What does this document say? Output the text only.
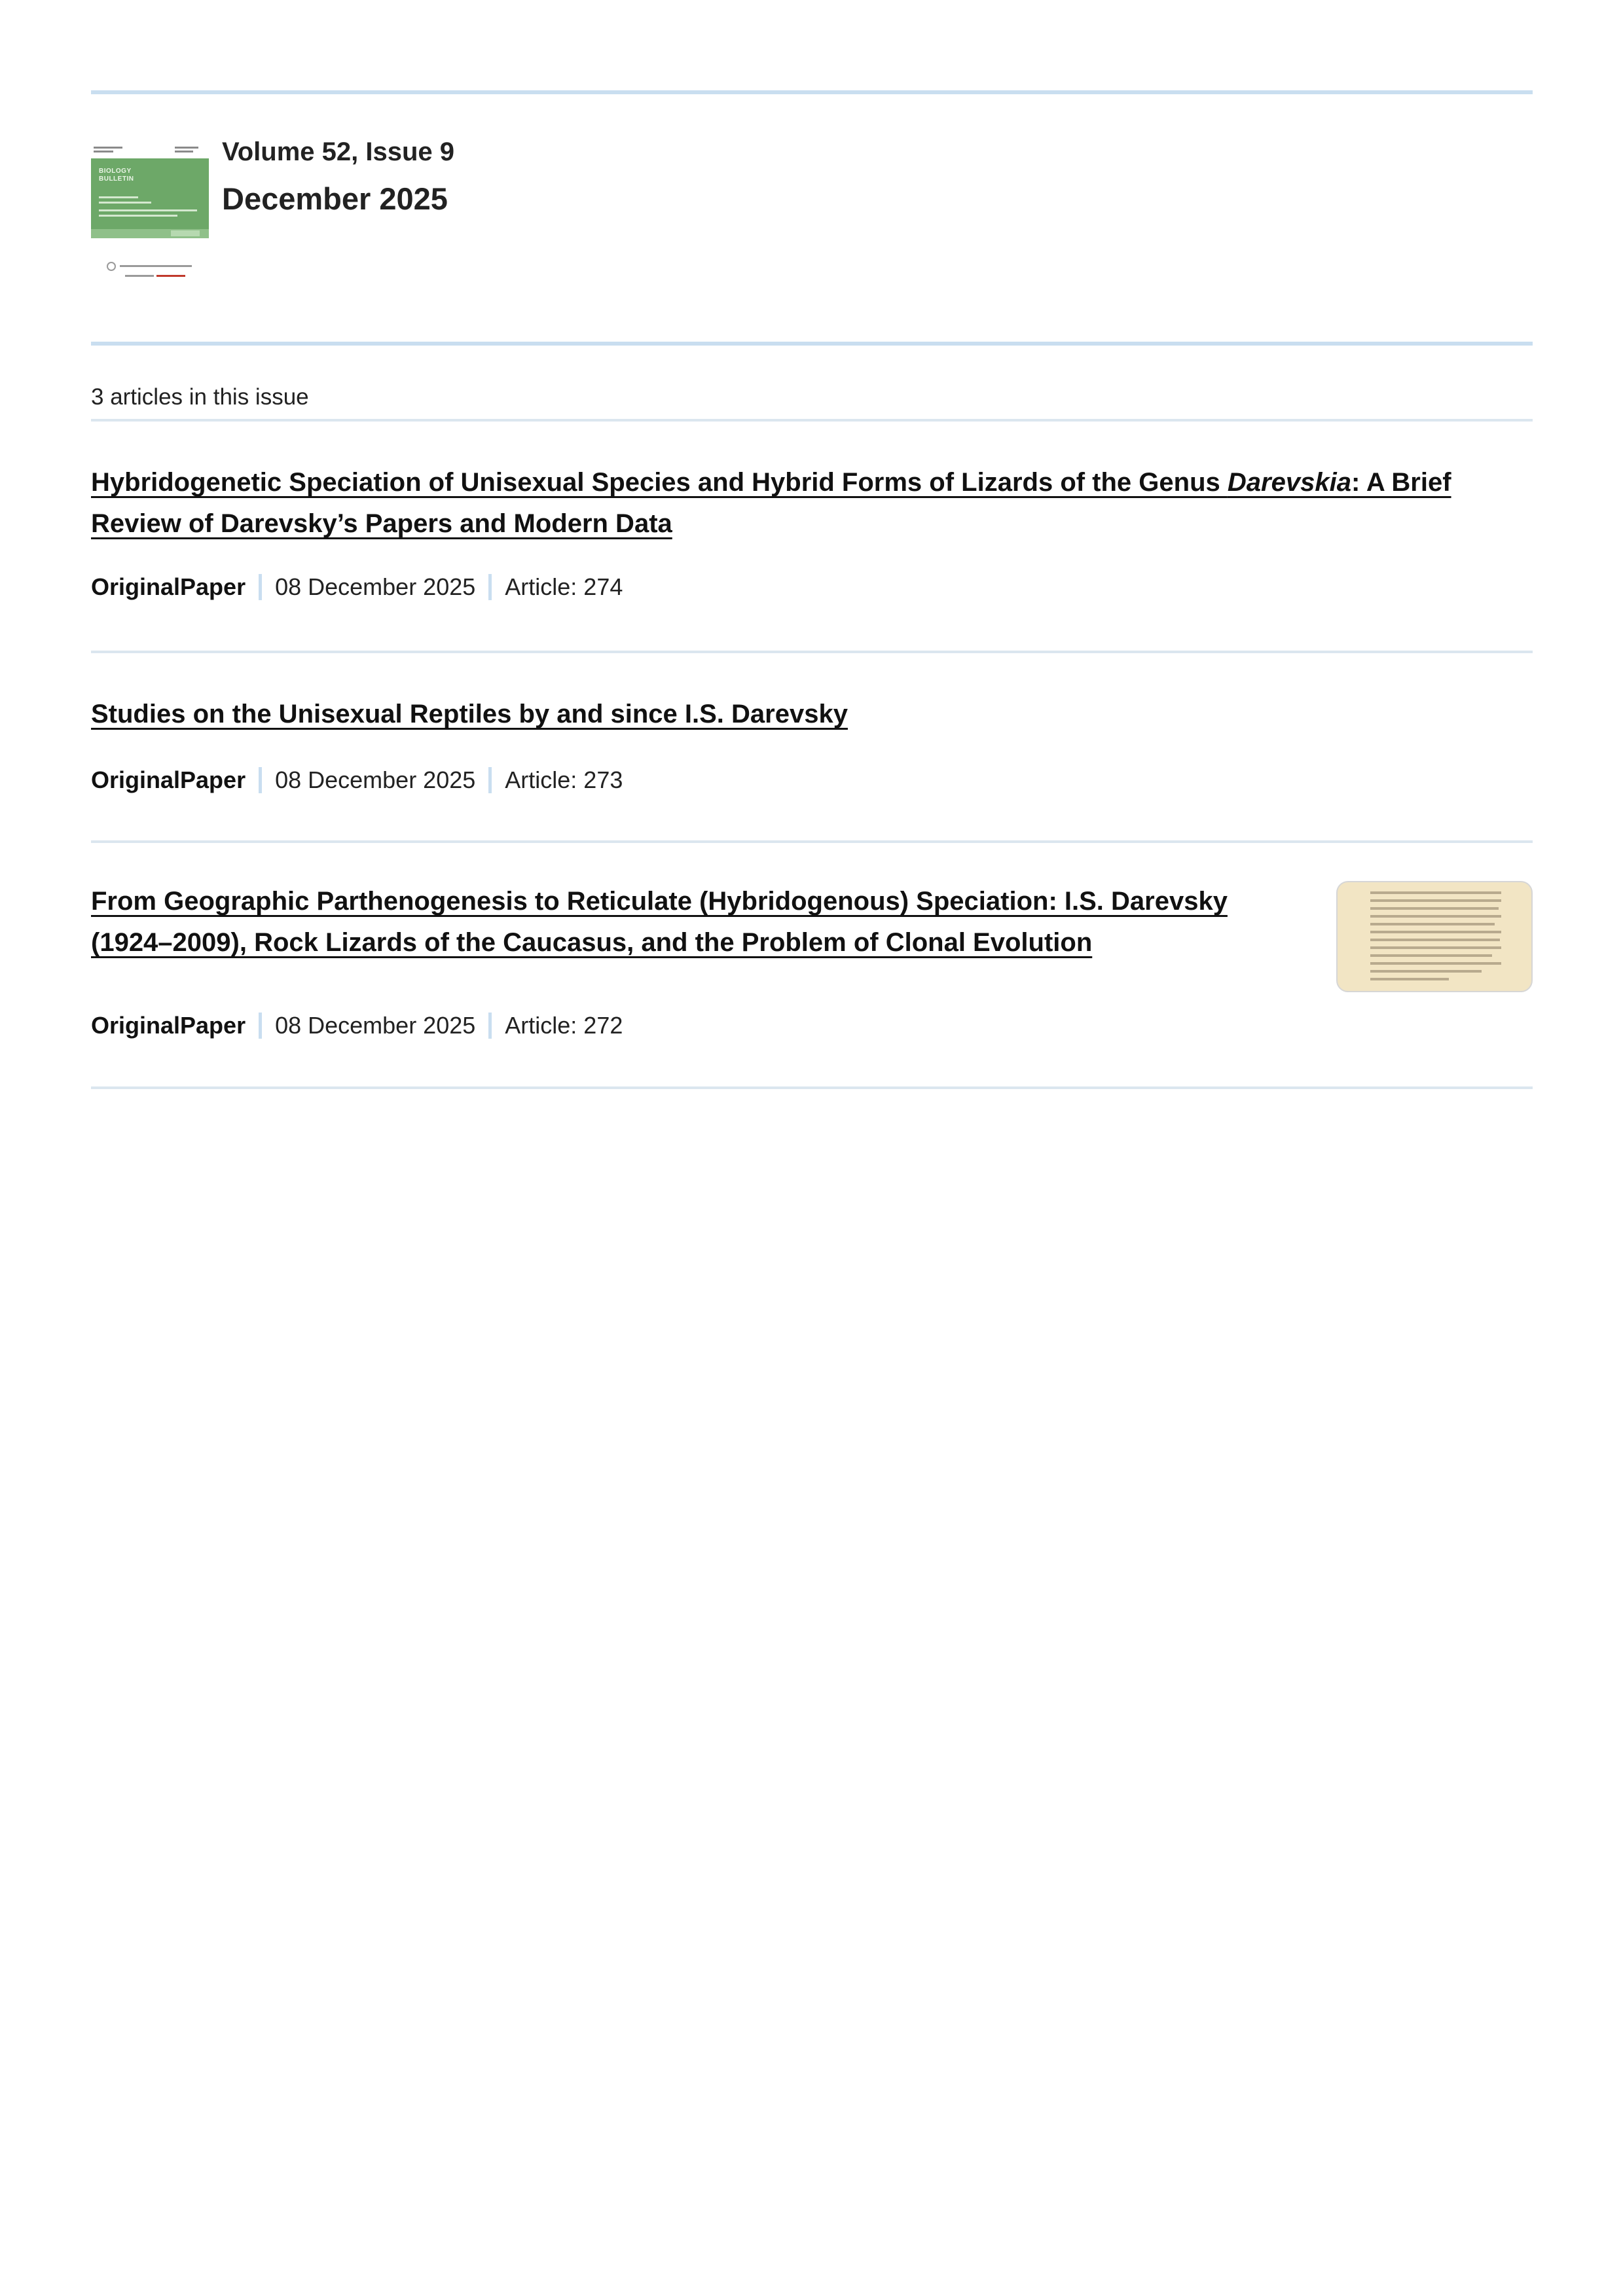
BIOLOGY
BULLETIN
Volume 52, Issue 9
December 2025
3 articles in this issue
Hybridogenetic Speciation of Unisexual Species and Hybrid Forms of Lizards of the Genus Darevskia: A Brief Review of Darevsky’s Papers and Modern Data
OriginalPaper 08 December 2025 Article: 274
Studies on the Unisexual Reptiles by and since I.S. Darevsky
OriginalPaper 08 December 2025 Article: 273
From Geographic Parthenogenesis to Reticulate (Hybridogenous) Speciation: I.S. Darevsky (1924–2009), Rock Lizards of the Caucasus, and the Problem of Clonal Evolution
OriginalPaper 08 December 2025 Article: 272
